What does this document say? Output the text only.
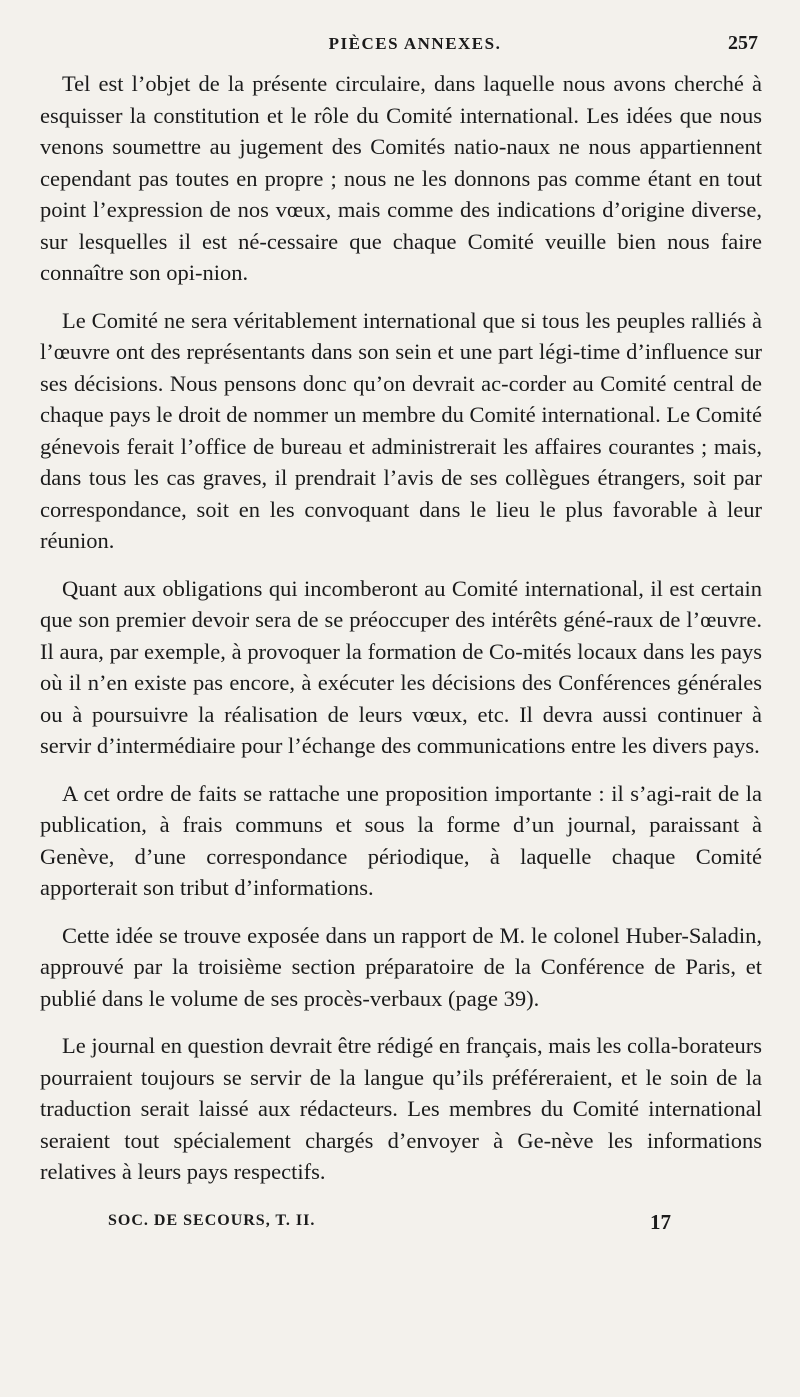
PIÈCES ANNEXES.	257

Tel est l’objet de la présente circulaire, dans laquelle nous avons cherché à esquisser la constitution et le rôle du Comité international. Les idées que nous venons soumettre au jugement des Comités natio-naux ne nous appartiennent cependant pas toutes en propre ; nous ne les donnons pas comme étant en tout point l’expression de nos vœux, mais comme des indications d’origine diverse, sur lesquelles il est né-cessaire que chaque Comité veuille bien nous faire connaître son opi-nion.

Le Comité ne sera véritablement international que si tous les peuples ralliés à l’œuvre ont des représentants dans son sein et une part légi-time d’influence sur ses décisions. Nous pensons donc qu’on devrait ac-corder au Comité central de chaque pays le droit de nommer un membre du Comité international. Le Comité génevois ferait l’office de bureau et administrerait les affaires courantes ; mais, dans tous les cas graves, il prendrait l’avis de ses collègues étrangers, soit par correspondance, soit en les convoquant dans le lieu le plus favorable à leur réunion.

Quant aux obligations qui incomberont au Comité international, il est certain que son premier devoir sera de se préoccuper des intérêts géné-raux de l’œuvre. Il aura, par exemple, à provoquer la formation de Co-mités locaux dans les pays où il n’en existe pas encore, à exécuter les décisions des Conférences générales ou à poursuivre la réalisation de leurs vœux, etc. Il devra aussi continuer à servir d’intermédiaire pour l’échange des communications entre les divers pays.

A cet ordre de faits se rattache une proposition importante : il s’agi-rait de la publication, à frais communs et sous la forme d’un journal, paraissant à Genève, d’une correspondance périodique, à laquelle chaque Comité apporterait son tribut d’informations.

Cette idée se trouve exposée dans un rapport de M. le colonel Huber-Saladin, approuvé par la troisième section préparatoire de la Conférence de Paris, et publié dans le volume de ses procès-verbaux (page 39).

Le journal en question devrait être rédigé en français, mais les colla-borateurs pourraient toujours se servir de la langue qu’ils préféreraient, et le soin de la traduction serait laissé aux rédacteurs. Les membres du Comité international seraient tout spécialement chargés d’envoyer à Ge-nève les informations relatives à leurs pays respectifs.

SOC. DE SECOURS, T. II.	17
